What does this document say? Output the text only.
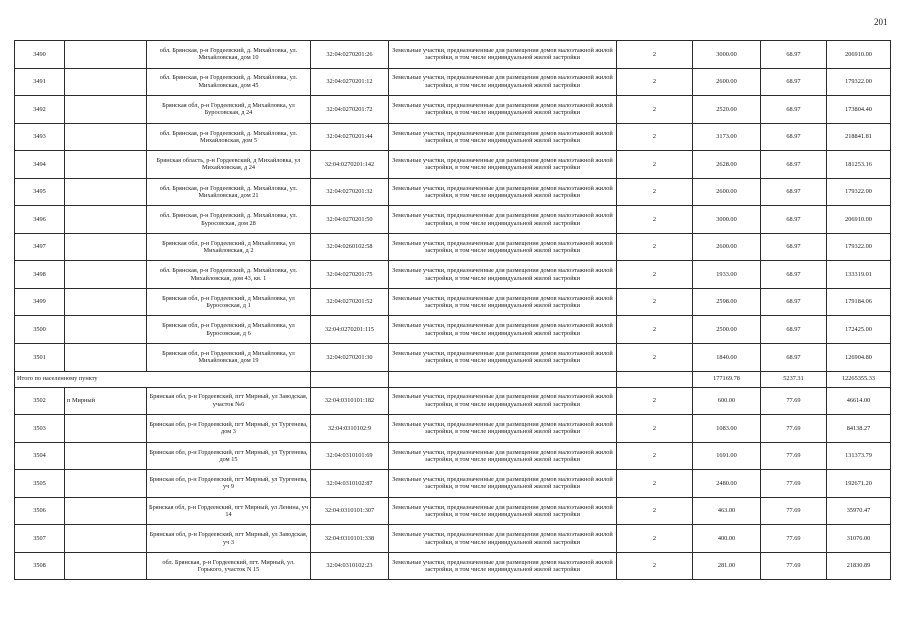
201
3490		обл. Брянская, р-н Гордеевский, д. Михайловка, ул. Михайловская, дом 10	32:04:0270201:26	Земельные участки, предназначенные для размещения домов малоэтажной жилой застройки, в том числе индивидуальной жилой застройки	2	3000.00	68.97	206910.00
3491		обл. Брянская, р-н Гордеевский, д. Михайловка, ул. Михайловская, дом 45	32:04:0270201:12	Земельные участки, предназначенные для размещения домов малоэтажной жилой застройки, в том числе индивидуальной жилой застройки	2	2600.00	68.97	179322.00
3492		Брянская обл, р-н Гордеевский, д Михайловка, ул Буросовская, д 24	32:04:0270201:72	Земельные участки, предназначенные для размещения домов малоэтажной жилой застройки, в том числе индивидуальной жилой застройки	2	2520.00	68.97	173804.40
3493		обл. Брянская, р-н Гордеевский, д. Михайловка, ул. Михайловская, дом 5	32:04:0270201:44	Земельные участки, предназначенные для размещения домов малоэтажной жилой застройки, в том числе индивидуальной жилой застройки	2	3173.00	68.97	218841.81
3494		Брянская область, р-н Гордеевский, д Михайловка, ул Михайловская, д 24	32:04:0270201:142	Земельные участки, предназначенные для размещения домов малоэтажной жилой застройки, в том числе индивидуальной жилой застройки	2	2628.00	68.97	181253.16
3495		обл. Брянская, р-н Гордеевский, д. Михайловка, ул. Михайловская, дом 21	32:04:0270201:32	Земельные участки, предназначенные для размещения домов малоэтажной жилой застройки, в том числе индивидуальной жилой застройки	2	2600.00	68.97	179322.00
3496		обл. Брянская, р-н Гордеевский, д. Михайловка, ул. Буросовская, дом 28	32:04:0270201:50	Земельные участки, предназначенные для размещения домов малоэтажной жилой застройки, в том числе индивидуальной жилой застройки	2	3000.00	68.97	206910.00
3497		Брянская обл, р-н Гордеевский, д Михайловка, ул Михайловская, д 2	32:04:0260102:58	Земельные участки, предназначенные для размещения домов малоэтажной жилой застройки, в том числе индивидуальной жилой застройки	2	2600.00	68.97	179322.00
3498		обл. Брянская, р-н Гордеевский, д. Михайловка, ул. Михайловская, дом 43, кв. 1	32:04:0270201:75	Земельные участки, предназначенные для размещения домов малоэтажной жилой застройки, в том числе индивидуальной жилой застройки	2	1933.00	68.97	133319.01
3499		Брянская обл, р-н Гордеевский, д Михайловка, ул Буросовская, д 1	32:04:0270201:52	Земельные участки, предназначенные для размещения домов малоэтажной жилой застройки, в том числе индивидуальной жилой застройки	2	2598.00	68.97	179184.06
3500		Брянская обл, р-н Гордеевский, д Михайловка, ул Буросовская, д 6	32:04:0270201:115	Земельные участки, предназначенные для размещения домов малоэтажной жилой застройки, в том числе индивидуальной жилой застройки	2	2500.00	68.97	172425.00
3501		Брянская обл, р-н Гордеевский, д Михайловка, ул Михайловская, дом 19	32:04:0270201:30	Земельные участки, предназначенные для размещения домов малоэтажной жилой застройки, в том числе индивидуальной жилой застройки	2	1840.00	68.97	126904.80
Итого по населенному пункту						177169.78	5237.31	12265355.33
3502	п Мирный	Брянская обл, р-н Гордеевский, пгт Мирный, ул Заводская, участок №6	32:04:0310101:182	Земельные участки, предназначенные для размещения домов малоэтажной жилой застройки, в том числе индивидуальной жилой застройки	2	600.00	77.69	46614.00
3503		Брянская обл, р-н Гордеевский, пгт Мирный, ул Тургенева, дом 3	32:04:0310102:9	Земельные участки, предназначенные для размещения домов малоэтажной жилой застройки, в том числе индивидуальной жилой застройки	2	1083.00	77.69	84138.27
3504		Брянская обл, р-н Гордеевский, пгт Мирный, ул Тургенева, дом 15	32:04:0310101:69	Земельные участки, предназначенные для размещения домов малоэтажной жилой застройки, в том числе индивидуальной жилой застройки	2	1691.00	77.69	131373.79
3505		Брянская обл, р-н Гордеевский, пгт Мирный, ул Тургенева, уч 9	32:04:0310102:87	Земельные участки, предназначенные для размещения домов малоэтажной жилой застройки, в том числе индивидуальной жилой застройки	2	2480.00	77.69	192671.20
3506		Брянская обл, р-н Гордеевский, пгт Мирный, ул Ленина, уч 14	32:04:0310101:307	Земельные участки, предназначенные для размещения домов малоэтажной жилой застройки, в том числе индивидуальной жилой застройки	2	463.00	77.69	35970.47
3507		Брянская обл, р-н Гордеевский, пгт Мирный, ул Заводская, уч 3	32:04:0310101:338	Земельные участки, предназначенные для размещения домов малоэтажной жилой застройки, в том числе индивидуальной жилой застройки	2	400.00	77.69	31076.00
3508		обл. Брянская, р-н Гордеевский, пгт. Мирный, ул. Горького, участок N 15	32:04:0310102:23	Земельные участки, предназначенные для размещения домов малоэтажной жилой застройки, в том числе индивидуальной жилой застройки	2	281.00	77.69	21830.89
